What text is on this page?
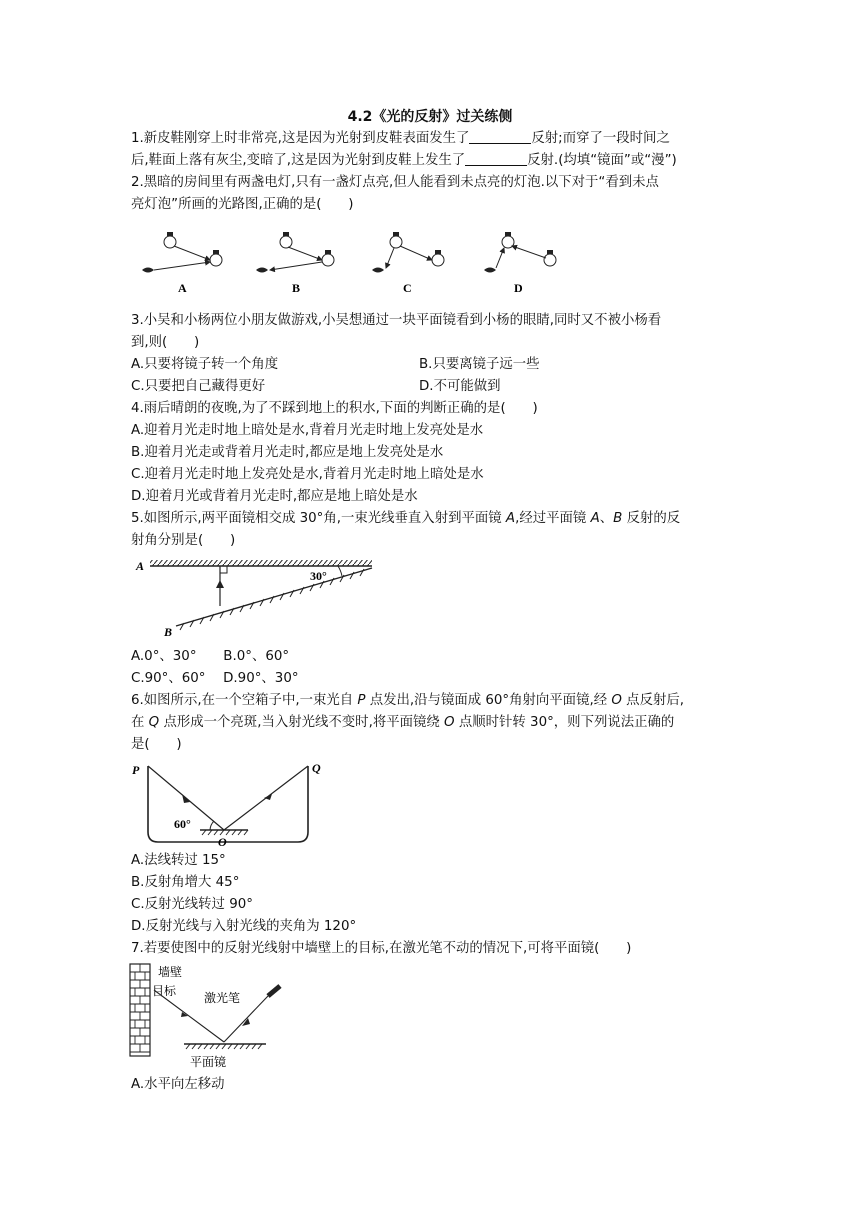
4.2《光的反射》过关练侧
1.新皮鞋刚穿上时非常亮,这是因为光射到皮鞋表面发生了	反射;而穿了一段时间之
后,鞋面上落有灰尘,变暗了,这是因为光射到皮鞋上发生了	反射.(均填“镜面”或“漫”)
2.黑暗的房间里有两盏电灯,只有一盏灯点亮,但人能看到未点亮的灯泡.以下对于“看到未点
亮灯泡”所画的光路图,正确的是(　　)
A	B	C	D
3.小吴和小杨两位小朋友做游戏,小吴想通过一块平面镜看到小杨的眼睛,同时又不被小杨看
到,则(　　)
A.只要将镜子转一个角度	B.只要离镜子远一些
C.只要把自己藏得更好	D.不可能做到
4.雨后晴朗的夜晚,为了不踩到地上的积水,下面的判断正确的是(　　)
A.迎着月光走时地上暗处是水,背着月光走时地上发亮处是水
B.迎着月光走或背着月光走时,都应是地上发亮处是水
C.迎着月光走时地上发亮处是水,背着月光走时地上暗处是水
D.迎着月光或背着月光走时,都应是地上暗处是水
5.如图所示,两平面镜相交成 30°角,一束光线垂直入射到平面镜 A,经过平面镜 A、B 反射的反
射角分别是(　　)
30°
A
B
A.0°、30°　　B.0°、60°
C.90°、60°　 D.90°、30°
6.如图所示,在一个空箱子中,一束光自 P 点发出,沿与镜面成 60°角射向平面镜,经 O 点反射后,
在 Q 点形成一个亮斑,当入射光线不变时,将平面镜绕 O 点顺时针转 30°，则下列说法正确的
是(　　)
60°
P	Q
O
A.法线转过 15°
B.反射角增大 45°
C.反射光线转过 90°
D.反射光线与入射光线的夹角为 120°
7.若要使图中的反射光线射中墙壁上的目标,在激光笔不动的情况下,可将平面镜(　　)
墙壁
目标 激光笔
平面镜
A.水平向左移动
